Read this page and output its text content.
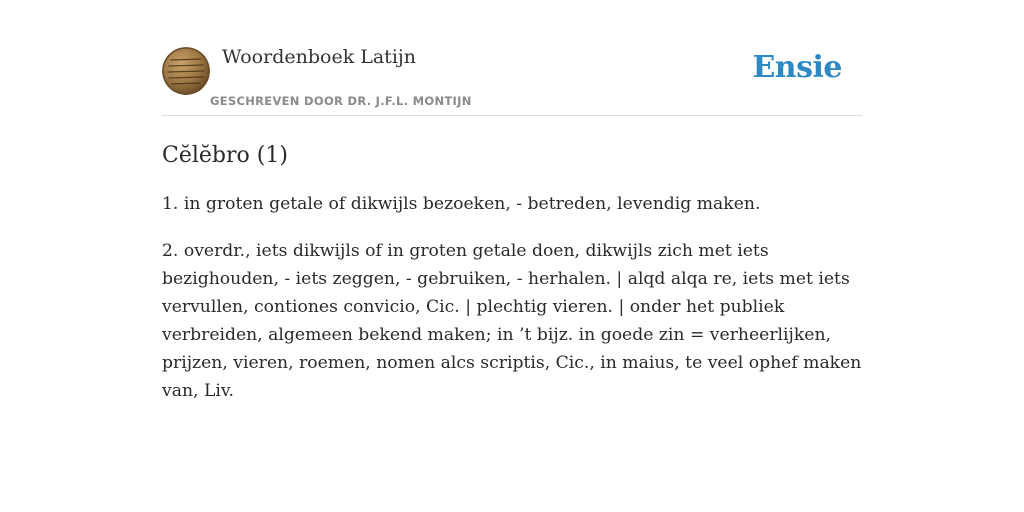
Woordenboek Latijn
GESCHREVEN DOOR DR. J.F.L. MONTIJN
Ensie
Cĕlĕbro (1)

1. in groten getale of dikwijls bezoeken, - betreden, levendig maken.

2. overdr., iets dikwijls of in groten getale doen, dikwijls zich met iets bezighouden, - iets zeggen, - gebruiken, - herhalen. | alqd alqa re, iets met iets vervullen, contiones convicio, Cic. | plechtig vieren. | onder het publiek verbreiden, algemeen bekend maken; in ’t bijz. in goede zin = verheerlijken, prijzen, vieren, roemen, nomen alcs scriptis, Cic., in maius, te veel ophef maken van, Liv.
